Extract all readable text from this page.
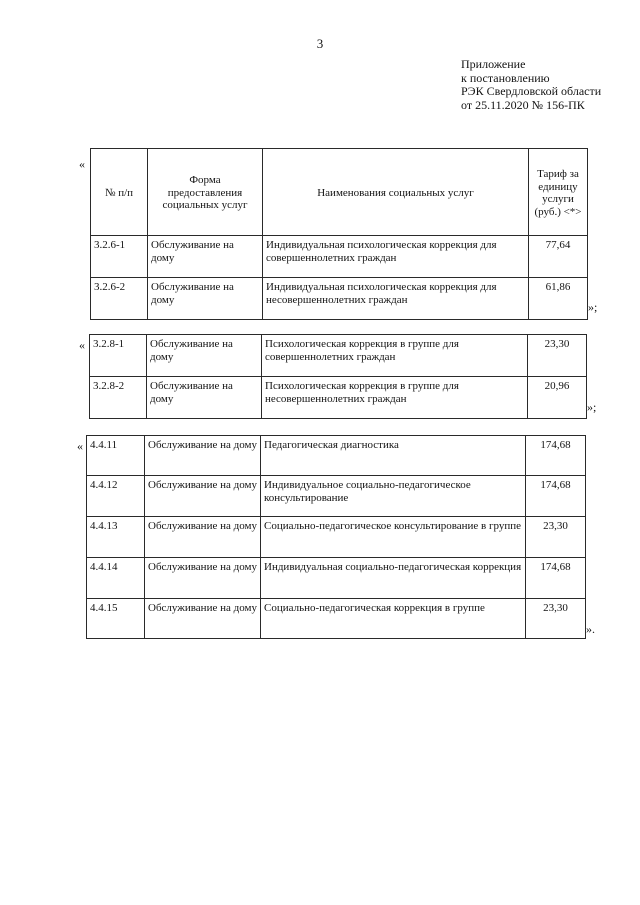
3
Приложение
к постановлению
РЭК Свердловской области
от 25.11.2020 № 156-ПК
«
№ п/п	Форма предоставления социальных услуг	Наименования социальных услуг	Тариф за единицу услуги (руб.) <*>
3.2.6-1	Обслуживание на дому	Индивидуальная психологическая коррекция для совершеннолетних граждан	77,64
3.2.6-2	Обслуживание на дому	Индивидуальная психологическая коррекция для несовершеннолетних граждан	61,86
»;
« 3.2.8-1	Обслуживание на дому	Психологическая коррекция в группе для совершеннолетних граждан	23,30
3.2.8-2	Обслуживание на дому	Психологическая коррекция в группе для несовершеннолетних граждан	20,96
»;
« 4.4.11	Обслуживание на дому	Педагогическая диагностика	174,68
4.4.12	Обслуживание на дому	Индивидуальное социально-педагогическое консультирование	174,68
4.4.13	Обслуживание на дому	Социально-педагогическое консультирование в группе	23,30
4.4.14	Обслуживание на дому	Индивидуальная социально-педагогическая коррекция	174,68
4.4.15	Обслуживание на дому	Социально-педагогическая коррекция в группе	23,30
».
